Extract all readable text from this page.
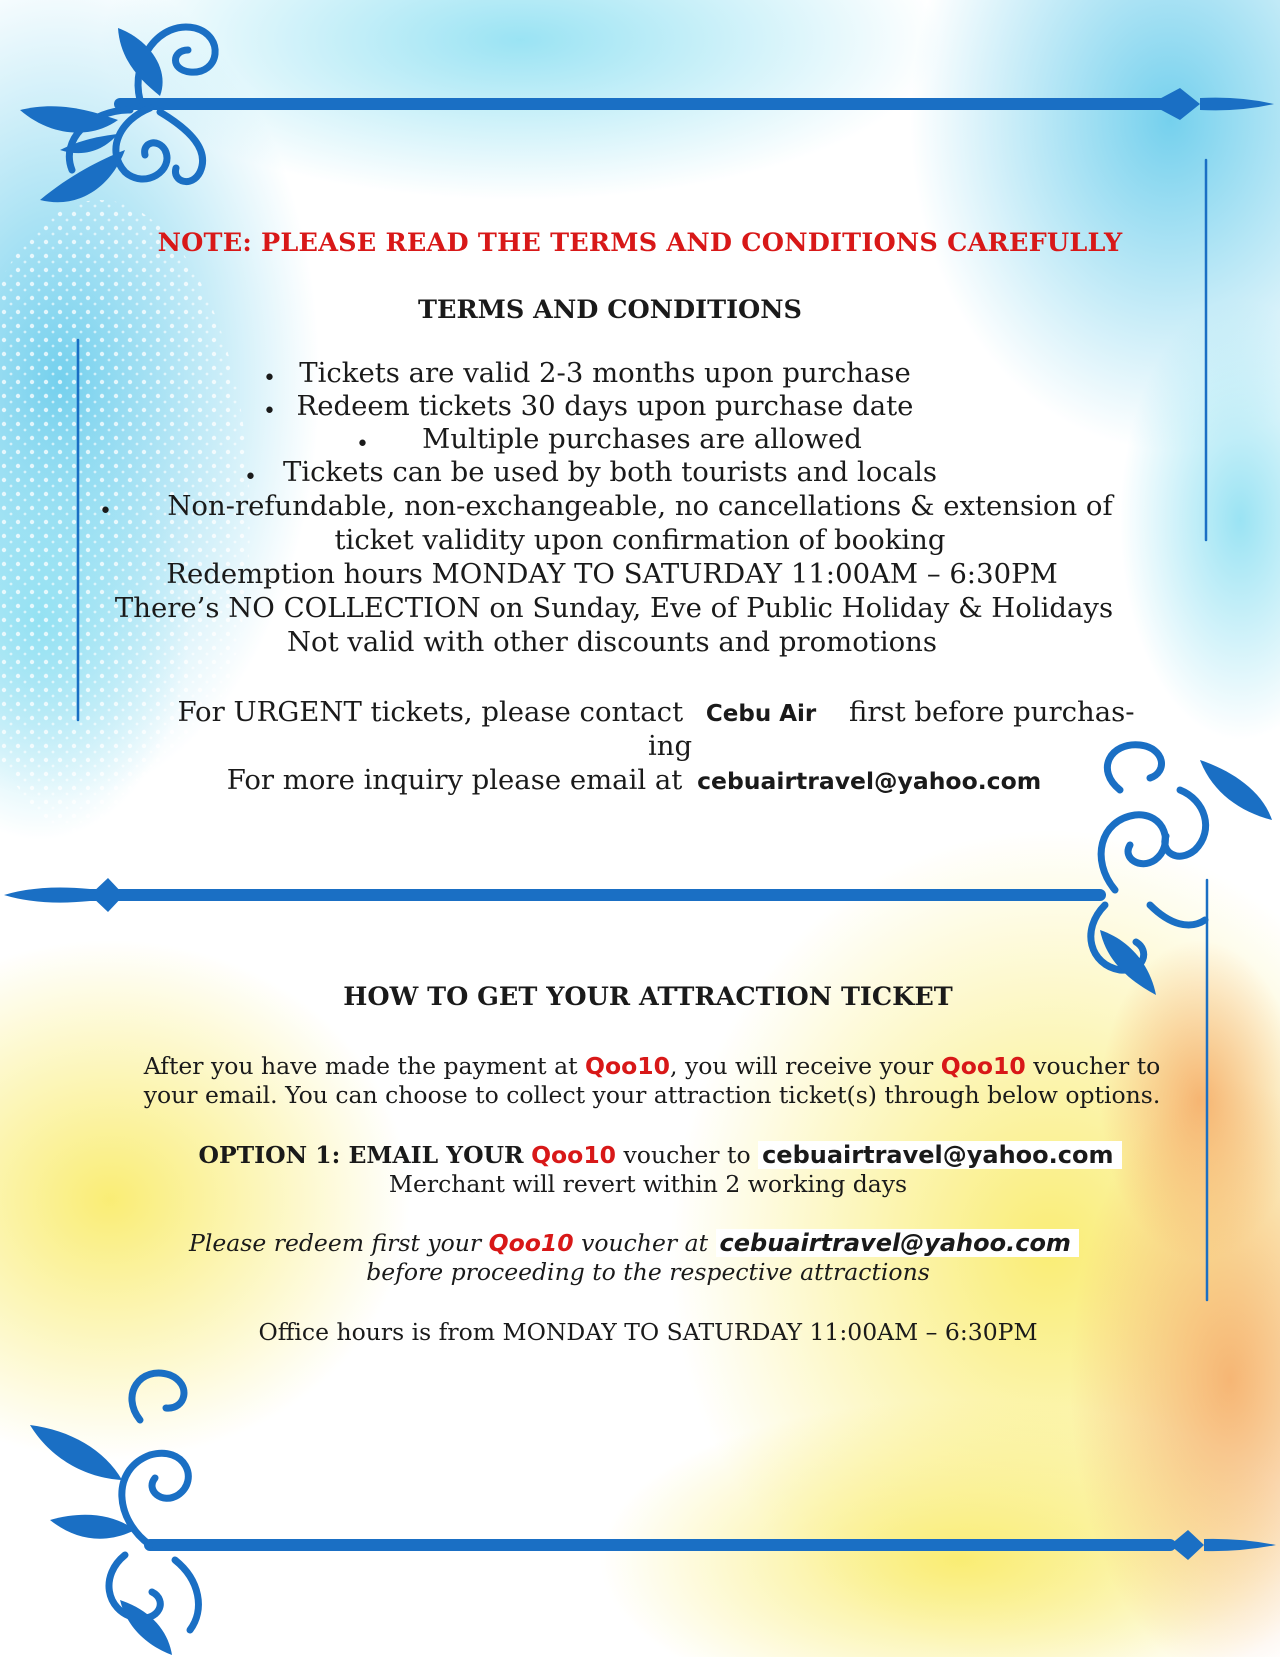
NOTE: PLEASE READ THE TERMS AND CONDITIONS CAREFULLY
TERMS AND CONDITIONS
• Tickets are valid 2-3 months upon purchase
• Redeem tickets 30 days upon purchase date
•	Multiple purchases are allowed
• Tickets can be used by both tourists and locals
•	Non-refundable, non-exchangeable, no cancellations & extension of
ticket validity upon confirmation of booking
Redemption hours MONDAY TO SATURDAY 11:00AM – 6:30PM
There’s NO COLLECTION on Sunday, Eve of Public Holiday & Holidays
Not valid with other discounts and promotions
For URGENT tickets, please contact Cebu Air first before purchas-
ing
For more inquiry please email at cebuairtravel@yahoo.com
HOW TO GET YOUR ATTRACTION TICKET
After you have made the payment at Qoo10, you will receive your Qoo10 voucher to
your email. You can choose to collect your attraction ticket(s) through below options.
OPTION 1: EMAIL YOUR Qoo10 voucher to cebuairtravel@yahoo.com
Merchant will revert within 2 working days
Please redeem first your Qoo10 voucher at cebuairtravel@yahoo.com
before proceeding to the respective attractions
Office hours is from MONDAY TO SATURDAY 11:00AM – 6:30PM
